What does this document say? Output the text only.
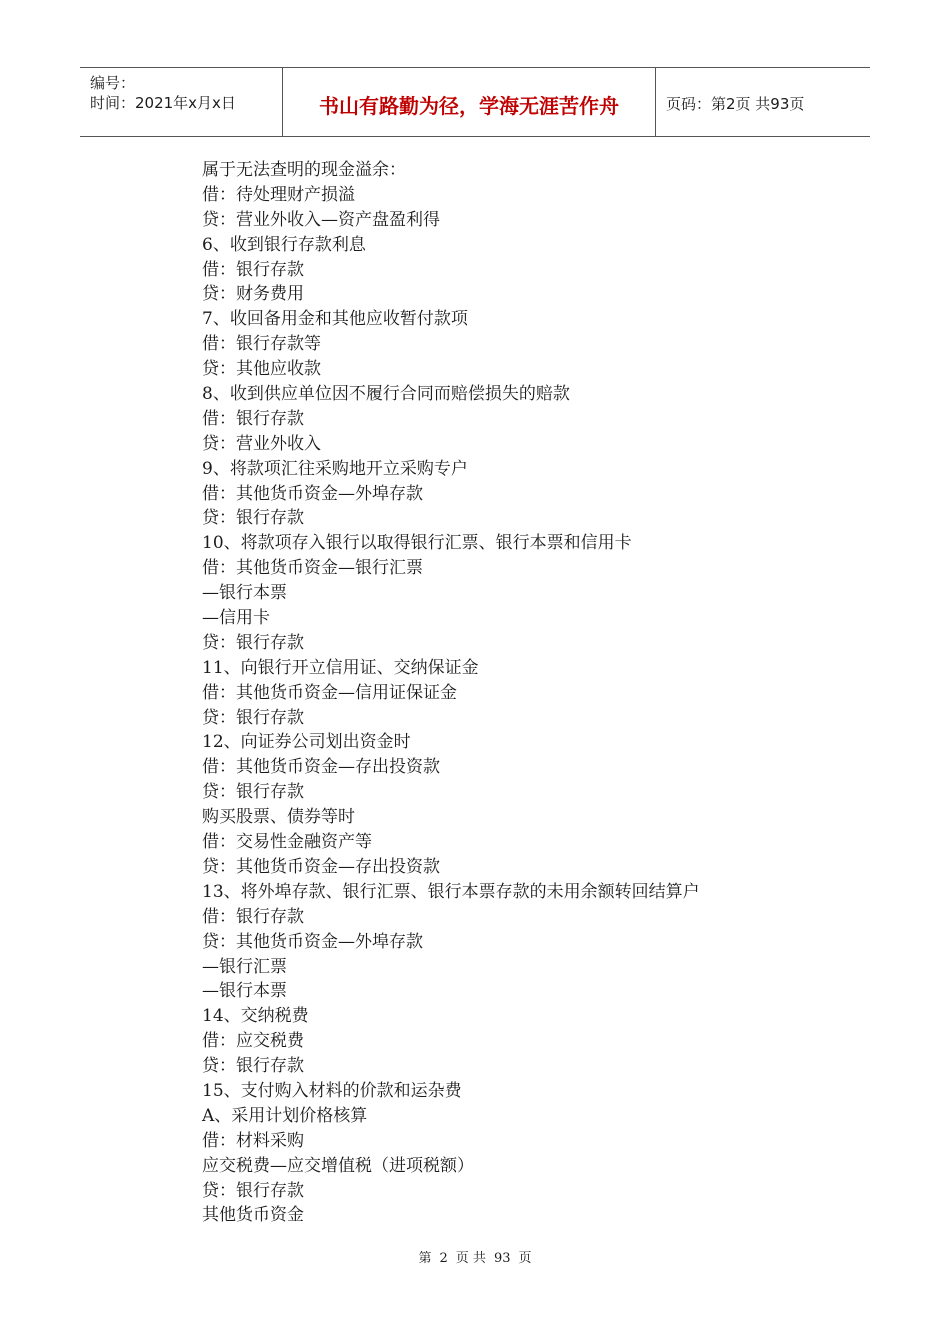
编号：
时间：2021年x月x日	书山有路勤为径，学海无涯苦作舟	页码：第2页 共93页
属于无法查明的现金溢余：
借：待处理财产损溢
贷：营业外收入—资产盘盈利得
6、收到银行存款利息
借：银行存款
贷：财务费用
7、收回备用金和其他应收暂付款项
借：银行存款等
贷：其他应收款
8、收到供应单位因不履行合同而赔偿损失的赔款
借：银行存款
贷：营业外收入
9、将款项汇往采购地开立采购专户
借：其他货币资金—外埠存款
贷：银行存款
10、将款项存入银行以取得银行汇票、银行本票和信用卡
借：其他货币资金—银行汇票
—银行本票
—信用卡
贷：银行存款
11、向银行开立信用证、交纳保证金
借：其他货币资金—信用证保证金
贷：银行存款
12、向证券公司划出资金时
借：其他货币资金—存出投资款
贷：银行存款
购买股票、债券等时
借：交易性金融资产等
贷：其他货币资金—存出投资款
13、将外埠存款、银行汇票、银行本票存款的未用余额转回结算户
借：银行存款
贷：其他货币资金—外埠存款
—银行汇票
—银行本票
14、交纳税费
借：应交税费
贷：银行存款
15、支付购入材料的价款和运杂费
A、采用计划价格核算
借：材料采购
应交税费—应交增值税（进项税额）
贷：银行存款
其他货币资金
第 2 页 共 93 页
